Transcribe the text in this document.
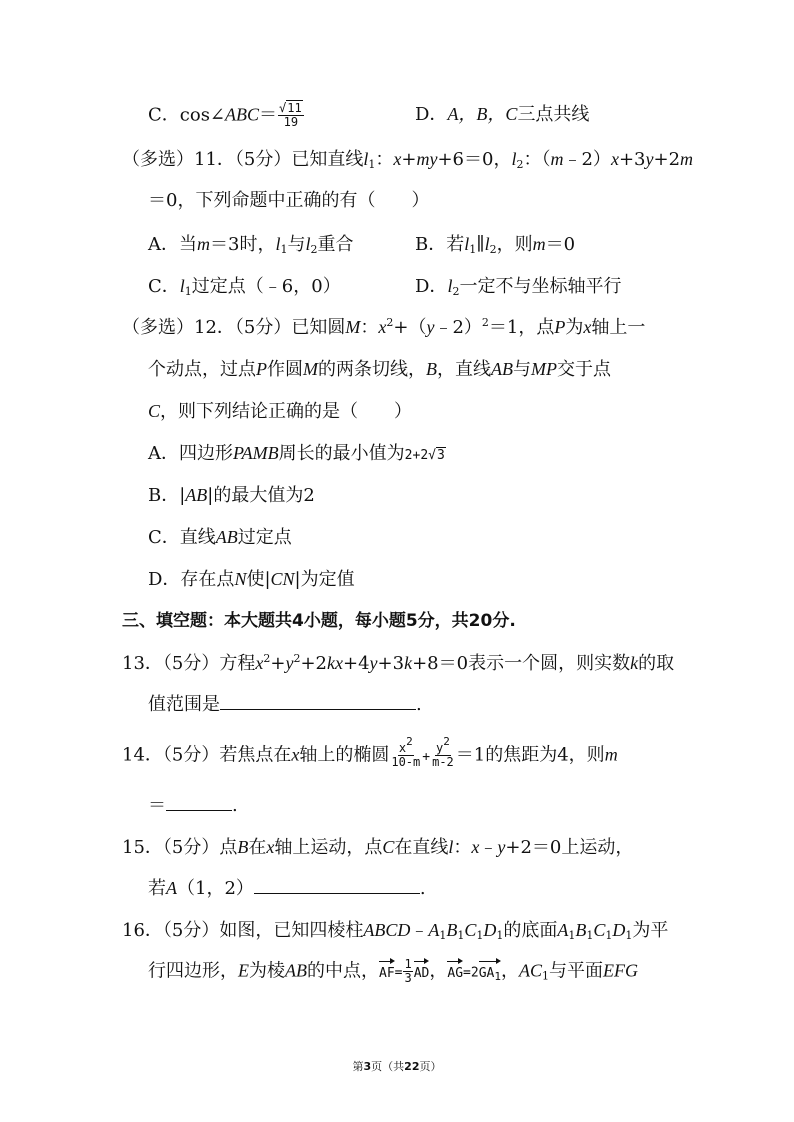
C．cos∠ABC＝ $\frac{√11}{19}$	D．A，B，C三点共线
（多选）11．（5分）已知直线$l_1$：x+my+6＝0，$l_2$：（m﹣2）x+3y+2m
＝0，下列命题中正确的有（　　）
A．当m＝3时，$l_1$与$l_2$重合	B．若$l_1\parallel l_2$，则m＝0
C．$l_1$过定点（﹣6，0）	D．$l_2$一定不与坐标轴平行
（多选）12．（5分）已知圆M：$x^2+(y﹣2)^2=1$，点P为x轴上一
个动点，过点P作圆M的两条切线，B，直线AB与MP交于点
C，则下列结论正确的是（　　）
A．四边形PAMB周长的最小值为2+2√3
B．|AB|的最大值为2
C．直线AB过定点
D．存在点N使|CN|为定值
三、填空题：本大题共4小题，每小题5分，共20分.
13．（5分）方程$x^2+y^2+2kx+4y+3k+8=0$表示一个圆，则实数k的取
值范围是	.
14．（5分）若焦点在x轴上的椭圆 $\frac{x^2}{10-m} + \frac{y^2}{m-2} =1$的焦距为4，则m
＝	.
15．（5分）点B在x轴上运动，点C在直线l：x﹣y+2＝0上运动，
若A（1，2）	.
16．（5分）如图，已知四棱柱$ABCD﹣A_1B_1C_1D_1$的底面$A_1B_1C_1D_1$为平
行四边形，E为棱AB的中点，$AF= \frac{1}{3}$ AD，$AG=2GA_1$，$AC_1$与平面EFG
第3页（共22页）
